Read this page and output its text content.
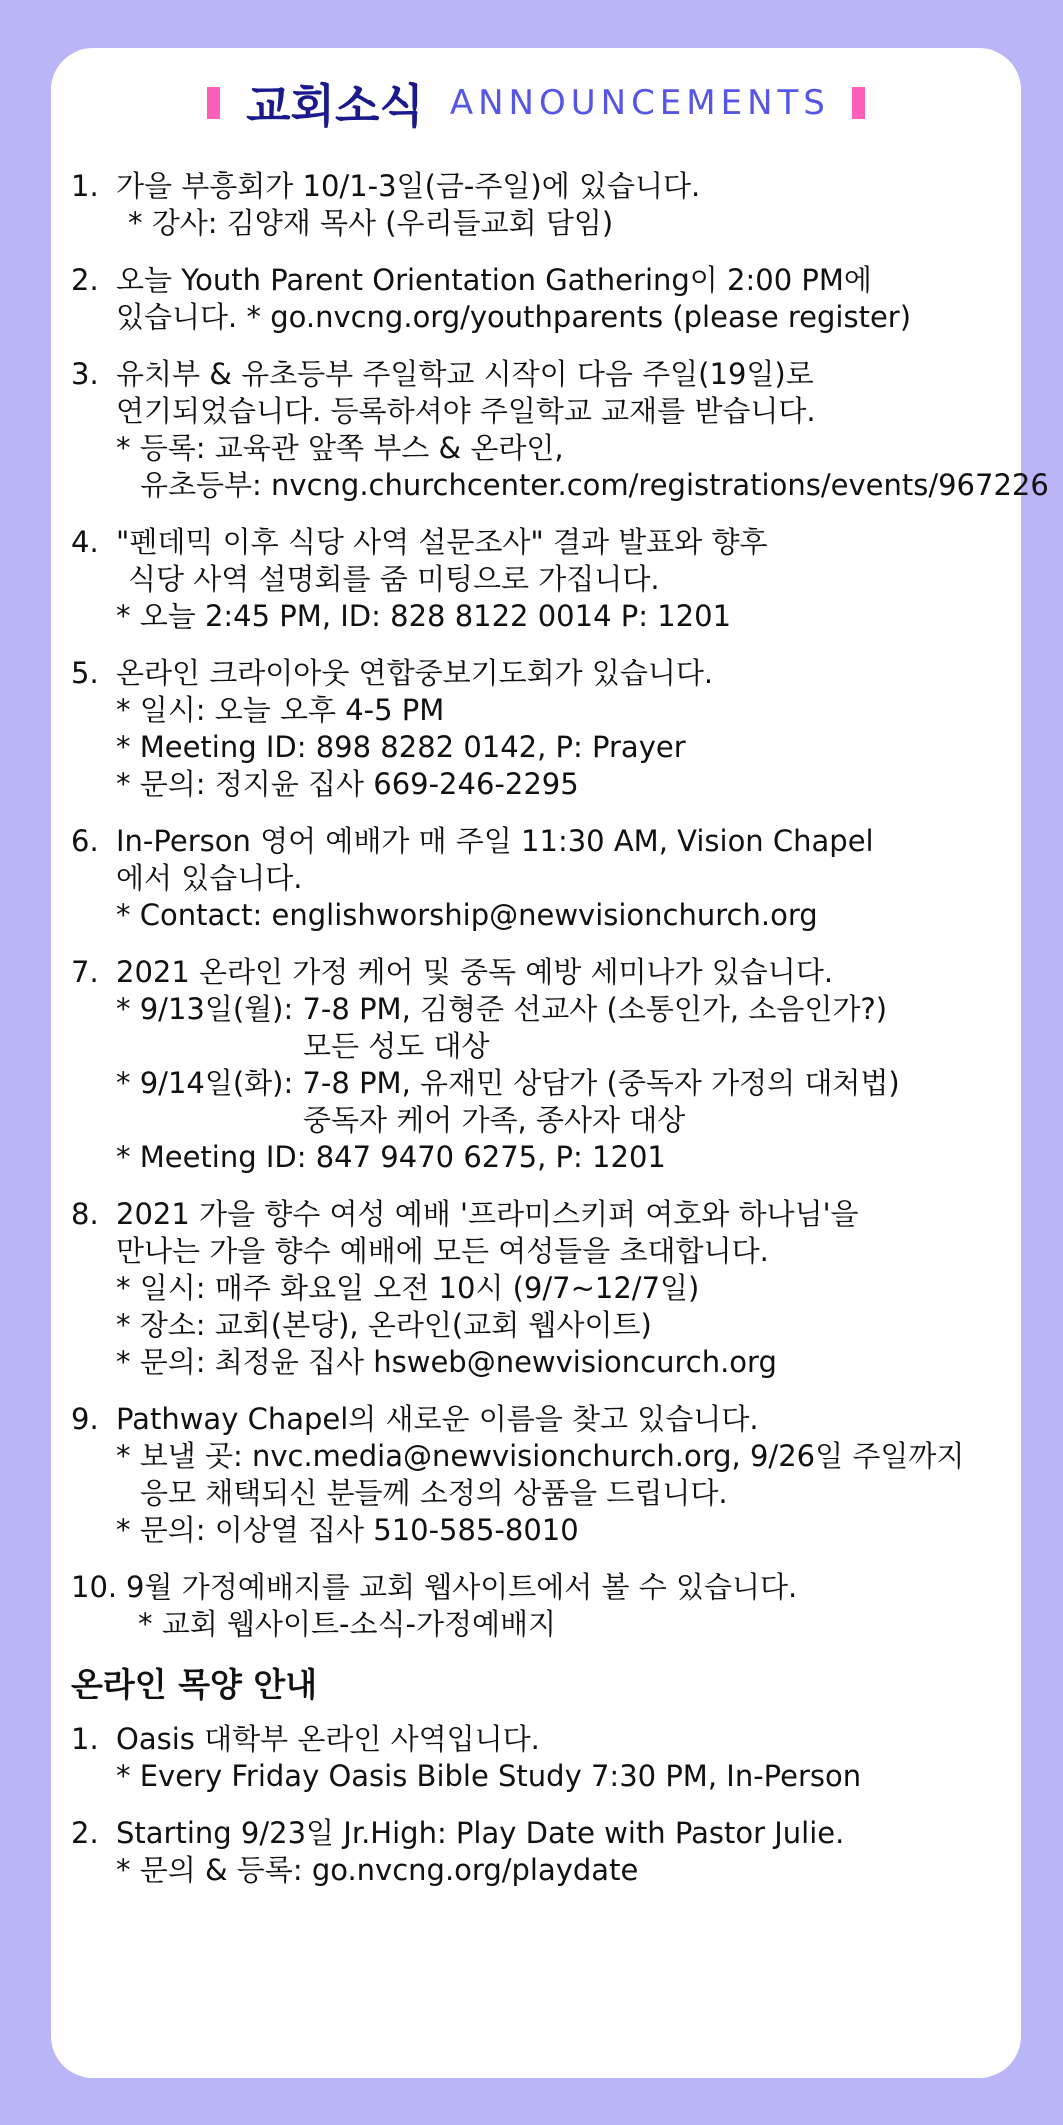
교회소식 ANNOUNCEMENTS
1. 가을 부흥회가 10/1-3일(금-주일)에 있습니다.
* 강사: 김양재 목사 (우리들교회 담임)
2. 오늘 Youth Parent Orientation Gathering이 2:00 PM에
있습니다. * go.nvcng.org/youthparents (please register)
3. 유치부 & 유초등부 주일학교 시작이 다음 주일(19일)로
연기되었습니다. 등록하셔야 주일학교 교재를 받습니다.
* 등록: 교육관 앞쪽 부스 & 온라인,
유초등부: nvcng.churchcenter.com/registrations/events/967226
4. "펜데믹 이후 식당 사역 설문조사" 결과 발표와 향후
식당 사역 설명회를 줌 미팅으로 가집니다.
* 오늘 2:45 PM, ID: 828 8122 0014 P: 1201
5. 온라인 크라이아웃 연합중보기도회가 있습니다.
* 일시: 오늘 오후 4-5 PM
* Meeting ID: 898 8282 0142, P: Prayer
* 문의: 정지윤 집사 669-246-2295
6. In-Person 영어 예배가 매 주일 11:30 AM, Vision Chapel
에서 있습니다.
* Contact: englishworship@newvisionchurch.org
7. 2021 온라인 가정 케어 및 중독 예방 세미나가 있습니다.
* 9/13일(월): 7-8 PM, 김형준 선교사 (소통인가, 소음인가?)
모든 성도 대상
* 9/14일(화): 7-8 PM, 유재민 상담가 (중독자 가정의 대처법)
중독자 케어 가족, 종사자 대상
* Meeting ID: 847 9470 6275, P: 1201
8. 2021 가을 향수 여성 예배 '프라미스키퍼 여호와 하나님'을
만나는 가을 향수 예배에 모든 여성들을 초대합니다.
* 일시: 매주 화요일 오전 10시 (9/7~12/7일)
* 장소: 교회(본당), 온라인(교회 웹사이트)
* 문의: 최정윤 집사 hsweb@newvisioncurch.org
9. Pathway Chapel의 새로운 이름을 찾고 있습니다.
* 보낼 곳: nvc.media@newvisionchurch.org, 9/26일 주일까지
응모 채택되신 분들께 소정의 상품을 드립니다.
* 문의: 이상열 집사 510-585-8010
10. 9월 가정예배지를 교회 웹사이트에서 볼 수 있습니다.
* 교회 웹사이트-소식-가정예배지
온라인 목양 안내
1. Oasis 대학부 온라인 사역입니다.
* Every Friday Oasis Bible Study 7:30 PM, In-Person
2. Starting 9/23일 Jr.High: Play Date with Pastor Julie.
* 문의 & 등록: go.nvcng.org/playdate
